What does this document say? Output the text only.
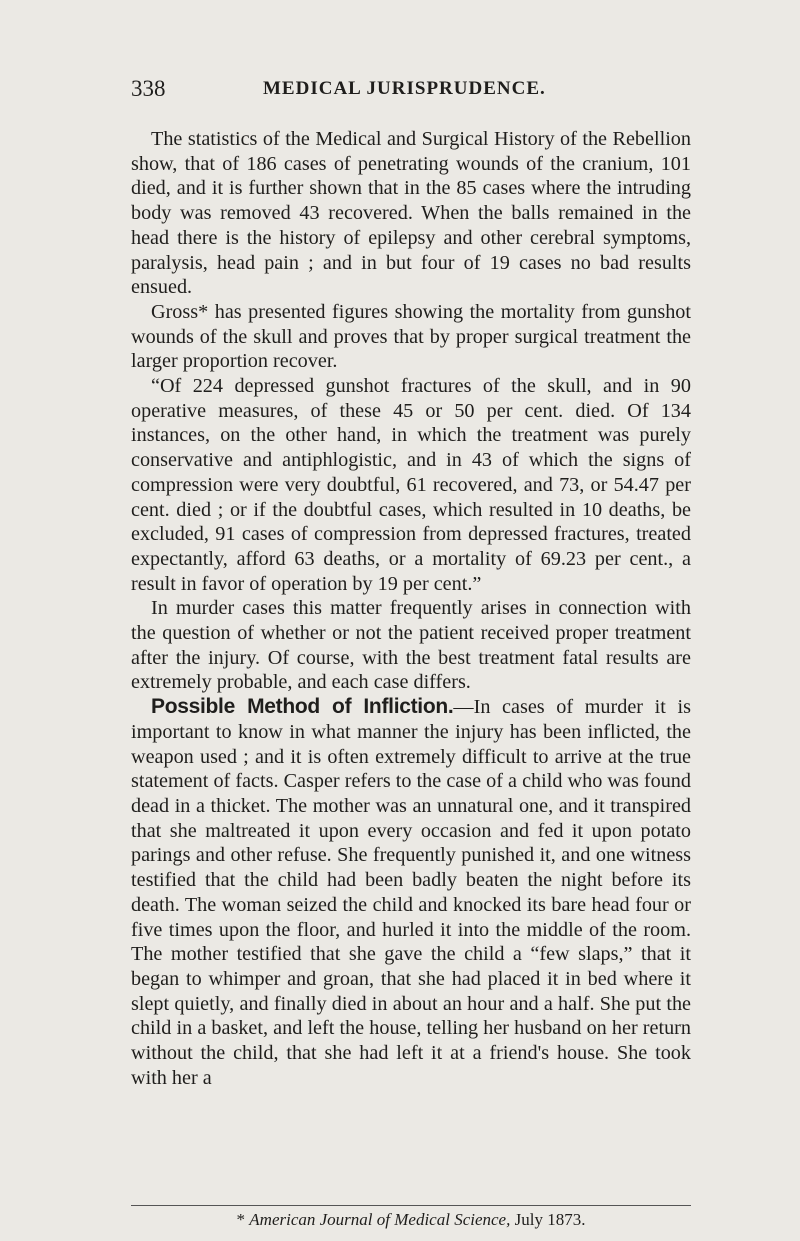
338	MEDICAL JURISPRUDENCE.

The statistics of the Medical and Surgical History of the Rebellion show, that of 186 cases of penetrating wounds of the cranium, 101 died, and it is further shown that in the 85 cases where the intruding body was removed 43 recovered. When the balls remained in the head there is the history of epilepsy and other cerebral symptoms, paralysis, head pain ; and in but four of 19 cases no bad results ensued.

Gross* has presented figures showing the mortality from gunshot wounds of the skull and proves that by proper surgical treatment the larger proportion recover.

“Of 224 depressed gunshot fractures of the skull, and in 90 operative measures, of these 45 or 50 per cent. died. Of 134 instances, on the other hand, in which the treatment was purely conservative and antiphlogistic, and in 43 of which the signs of compression were very doubtful, 61 recovered, and 73, or 54.47 per cent. died ; or if the doubtful cases, which resulted in 10 deaths, be excluded, 91 cases of compression from depressed fractures, treated expectantly, afford 63 deaths, or a mortality of 69.23 per cent., a result in favor of operation by 19 per cent.”

In murder cases this matter frequently arises in connection with the question of whether or not the patient received proper treatment after the injury. Of course, with the best treatment fatal results are extremely probable, and each case differs.

Possible Method of Infliction.—In cases of murder it is important to know in what manner the injury has been inflicted, the weapon used ; and it is often extremely difficult to arrive at the true statement of facts. Casper refers to the case of a child who was found dead in a thicket. The mother was an unnatural one, and it transpired that she maltreated it upon every occasion and fed it upon potato parings and other refuse. She frequently punished it, and one witness testified that the child had been badly beaten the night before its death. The woman seized the child and knocked its bare head four or five times upon the floor, and hurled it into the middle of the room. The mother testified that she gave the child a “few slaps,” that it began to whimper and groan, that she had placed it in bed where it slept quietly, and finally died in about an hour and a half. She put the child in a basket, and left the house, telling her husband on her return without the child, that she had left it at a friend's house. She took with her a

* American Journal of Medical Science, July 1873.
